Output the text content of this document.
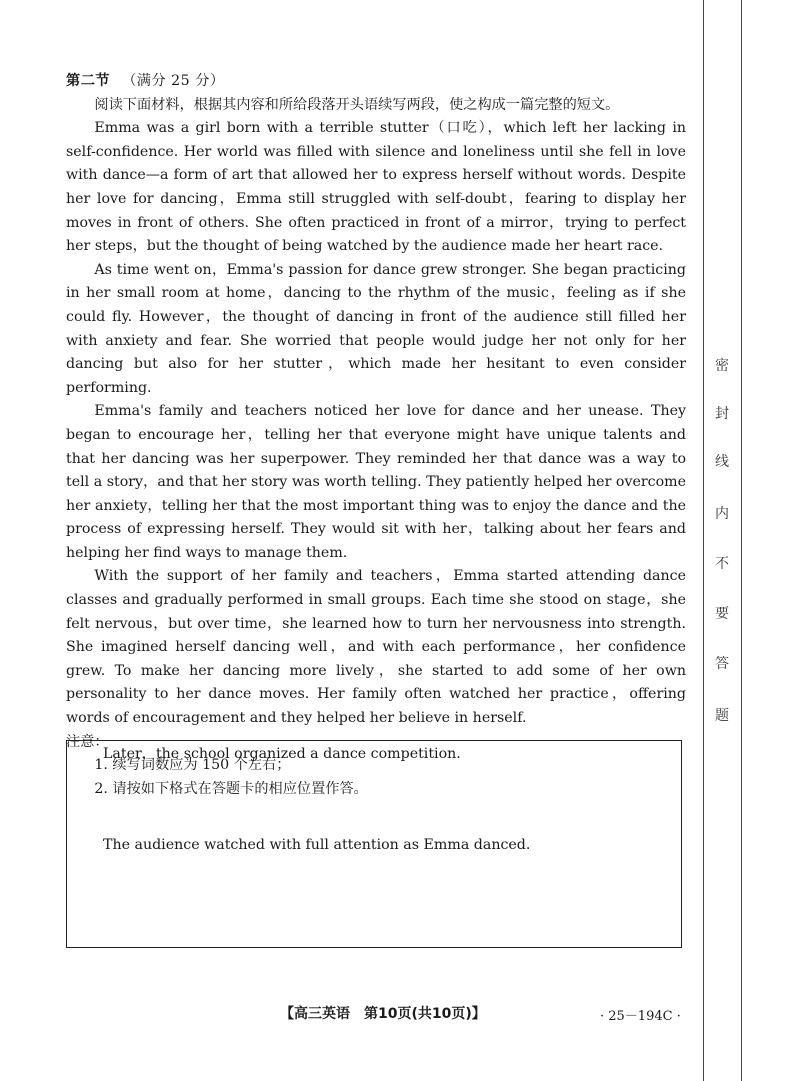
第二节 （满分 25 分）
阅读下面材料，根据其内容和所给段落开头语续写两段，使之构成一篇完整的短文。

Emma was a girl born with a terrible stutter（口吃），which left her lacking in self-confidence. Her world was filled with silence and loneliness until she fell in love with dance—a form of art that allowed her to express herself without words. Despite her love for dancing，Emma still struggled with self-doubt，fearing to display her moves in front of others. She often practiced in front of a mirror，trying to perfect her steps，but the thought of being watched by the audience made her heart race.

As time went on，Emma's passion for dance grew stronger. She began practicing in her small room at home，dancing to the rhythm of the music，feeling as if she could fly. However，the thought of dancing in front of the audience still filled her with anxiety and fear. She worried that people would judge her not only for her dancing but also for her stutter，which made her hesitant to even consider performing.

Emma's family and teachers noticed her love for dance and her unease. They began to encourage her，telling her that everyone might have unique talents and that her dancing was her superpower. They reminded her that dance was a way to tell a story，and that her story was worth telling. They patiently helped her overcome her anxiety，telling her that the most important thing was to enjoy the dance and the process of expressing herself. They would sit with her，talking about her fears and helping her find ways to manage them.

With the support of her family and teachers，Emma started attending dance classes and gradually performed in small groups. Each time she stood on stage，she felt nervous，but over time，she learned how to turn her nervousness into strength. She imagined herself dancing well，and with each performance，her confidence grew. To make her dancing more lively，she started to add some of her own personality to her dance moves. Her family often watched her practice，offering words of encouragement and they helped her believe in herself.

注意：
1. 续写词数应为 150 个左右；
2. 请按如下格式在答题卡的相应位置作答。
Later，the school organized a dance competition.
The audience watched with full attention as Emma danced.
【高三英语　第10页(共10页)】	· 25－194C ·
密
封
线
内
不
要
答
题
